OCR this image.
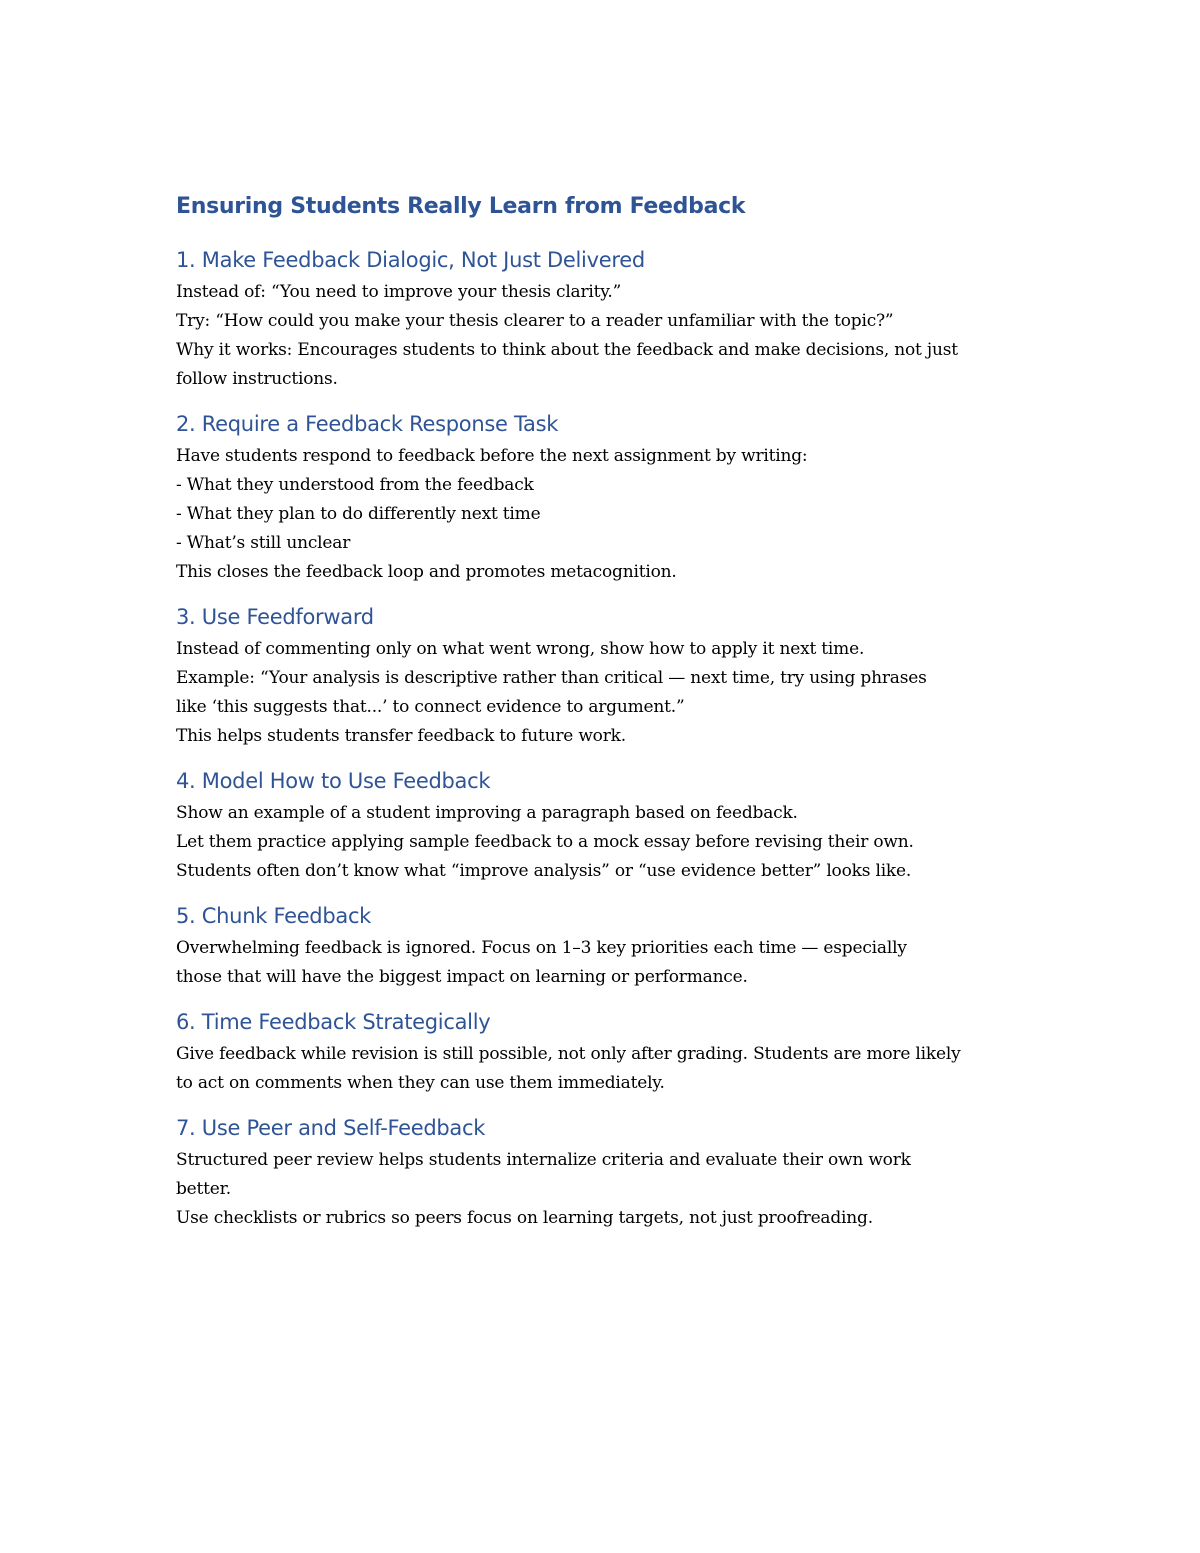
Ensuring Students Really Learn from Feedback
1. Make Feedback Dialogic, Not Just Delivered

Instead of: “You need to improve your thesis clarity.”

Try: “How could you make your thesis clearer to a reader unfamiliar with the topic?”

Why it works: Encourages students to think about the feedback and make decisions, not just

follow instructions.

2. Require a Feedback Response Task

Have students respond to feedback before the next assignment by writing:

- What they understood from the feedback

- What they plan to do differently next time

- What’s still unclear

This closes the feedback loop and promotes metacognition.

3. Use Feedforward

Instead of commenting only on what went wrong, show how to apply it next time.

Example: “Your analysis is descriptive rather than critical — next time, try using phrases

like ‘this suggests that...’ to connect evidence to argument.”

This helps students transfer feedback to future work.

4. Model How to Use Feedback

Show an example of a student improving a paragraph based on feedback.

Let them practice applying sample feedback to a mock essay before revising their own.

Students often don’t know what “improve analysis” or “use evidence better” looks like.

5. Chunk Feedback

Overwhelming feedback is ignored. Focus on 1–3 key priorities each time — especially

those that will have the biggest impact on learning or performance.

6. Time Feedback Strategically

Give feedback while revision is still possible, not only after grading. Students are more likely

to act on comments when they can use them immediately.

7. Use Peer and Self-Feedback

Structured peer review helps students internalize criteria and evaluate their own work

better.

Use checklists or rubrics so peers focus on learning targets, not just proofreading.
